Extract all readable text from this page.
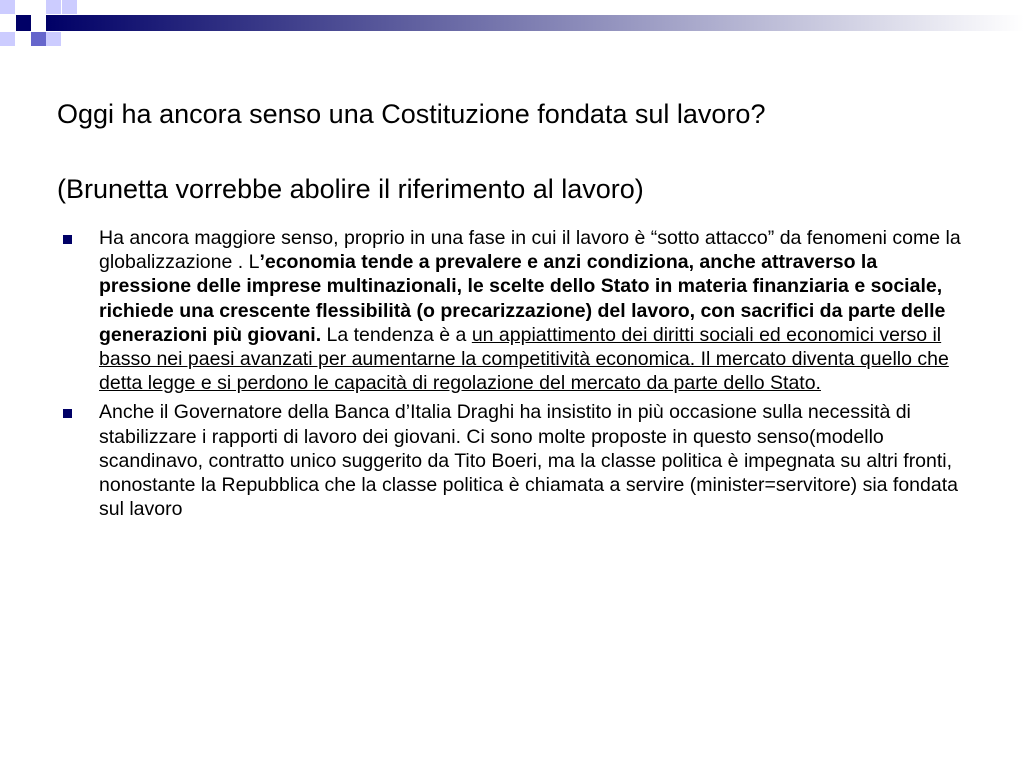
Oggi ha ancora senso una Costituzione fondata sul lavoro?
(Brunetta vorrebbe abolire il riferimento al lavoro)
Ha ancora maggiore senso, proprio in una fase in cui il lavoro è “sotto attacco” da fenomeni come la globalizzazione . L’economia tende a prevalere e anzi condiziona, anche attraverso la pressione delle imprese multinazionali, le scelte dello Stato in materia finanziaria e sociale, richiede una crescente flessibilità (o precarizzazione) del lavoro, con sacrifici da parte delle generazioni più giovani. La tendenza è a un appiattimento dei diritti sociali ed economici verso il basso nei paesi avanzati per aumentarne la competitività economica. Il mercato diventa quello che detta legge e si perdono le capacità di regolazione del mercato da parte dello Stato.
Anche il Governatore della Banca d’Italia Draghi ha insistito in più occasione sulla necessità di stabilizzare i rapporti di lavoro dei giovani. Ci sono molte proposte in questo senso(modello scandinavo, contratto unico suggerito da Tito Boeri, ma la classe politica è impegnata su altri fronti, nonostante la Repubblica che la classe politica è chiamata a servire (minister=servitore) sia fondata sul lavoro
